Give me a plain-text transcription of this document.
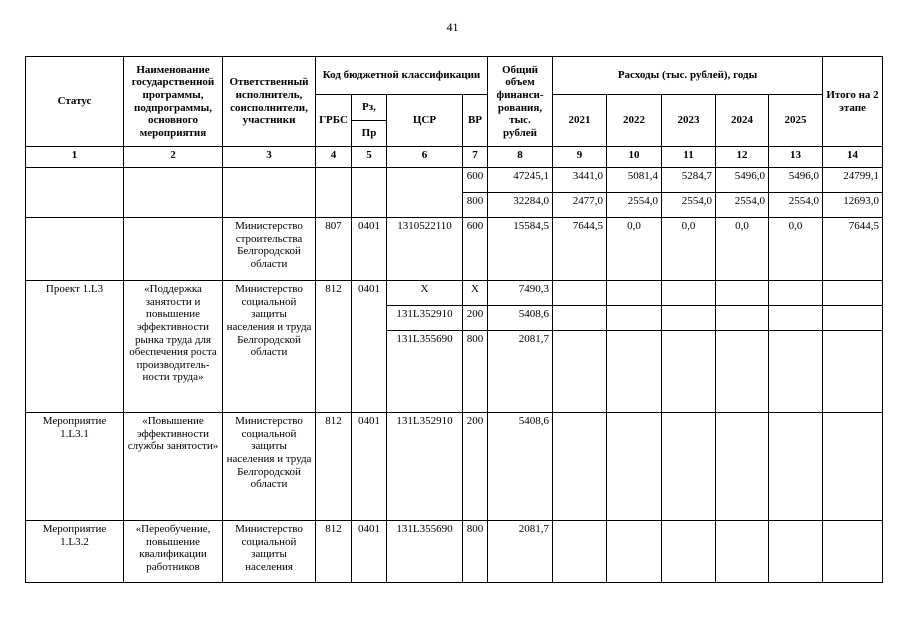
41
Статус	Наименование государственной программы, подпрограммы, основного мероприятия	Ответственный исполнитель, соисполнители, участники	Код бюджетной классификации				Общий объем финанси- рования, тыс. рублей	Расходы (тыс. рублей), годы					Итого на 2 этапе
			ГРБС	Рз,	ЦСР	ВР		2021	2022	2023	2024	2025	
				Пр									
1	2	3	4	5	6	7	8	9	10	11	12	13	14
						600	47245,1	3441,0	5081,4	5284,7	5496,0	5496,0	24799,1
						800	32284,0	2477,0	2554,0	2554,0	2554,0	2554,0	12693,0
		Министерство строительства Белгородской области	807	0401	1310522110	600	15584,5	7644,5	0,0	0,0	0,0	0,0	7644,5
Проект 1.L3	«Поддержка занятости и повышение эффективности рынка труда для обеспечения роста производитель- ности труда»	Министерство социальной защиты населения и труда Белгородской области	812	0401	X	X	7490,3						
					131L352910	200	5408,6						
					131L355690	800	2081,7						
Мероприятие 1.L3.1	«Повышение эффективности службы занятости»	Министерство социальной защиты населения и труда Белгородской области	812	0401	131L352910	200	5408,6						
Мероприятие 1.L3.2	«Переобучение, повышение квалификации работников	Министерство социальной защиты населения	812	0401	131L355690	800	2081,7						
